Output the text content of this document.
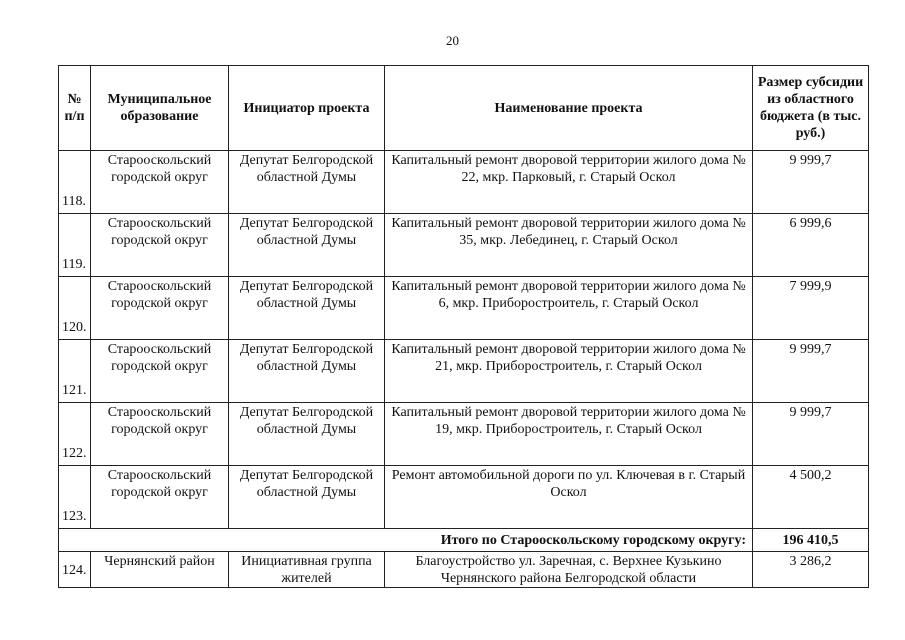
20
№ п/п	Муниципальное образование	Инициатор проекта	Наименование проекта	Размер субсидии из областного бюджета (в тыс. руб.)
118.	Старооскольский городской округ	Депутат Белгородской областной Думы	Капитальный ремонт дворовой территории жилого дома № 22, мкр. Парковый, г. Старый Оскол	9 999,7
119.	Старооскольский городской округ	Депутат Белгородской областной Думы	Капитальный ремонт дворовой территории жилого дома № 35, мкр. Лебединец, г. Старый Оскол	6 999,6
120.	Старооскольский городской округ	Депутат Белгородской областной Думы	Капитальный ремонт дворовой территории жилого дома № 6, мкр. Приборостроитель, г. Старый Оскол	7 999,9
121.	Старооскольский городской округ	Депутат Белгородской областной Думы	Капитальный ремонт дворовой территории жилого дома № 21, мкр. Приборостроитель, г. Старый Оскол	9 999,7
122.	Старооскольский городской округ	Депутат Белгородской областной Думы	Капитальный ремонт дворовой территории жилого дома № 19, мкр. Приборостроитель, г. Старый Оскол	9 999,7
123.	Старооскольский городской округ	Депутат Белгородской областной Думы	Ремонт автомобильной дороги по ул. Ключевая в г. Старый Оскол	4 500,2
Итого по Старооскольскому городскому округу:				196 410,5
124.	Чернянский район	Инициативная группа жителей	Благоустройство ул. Заречная, с. Верхнее Кузькино Чернянского района Белгородской области	3 286,2
